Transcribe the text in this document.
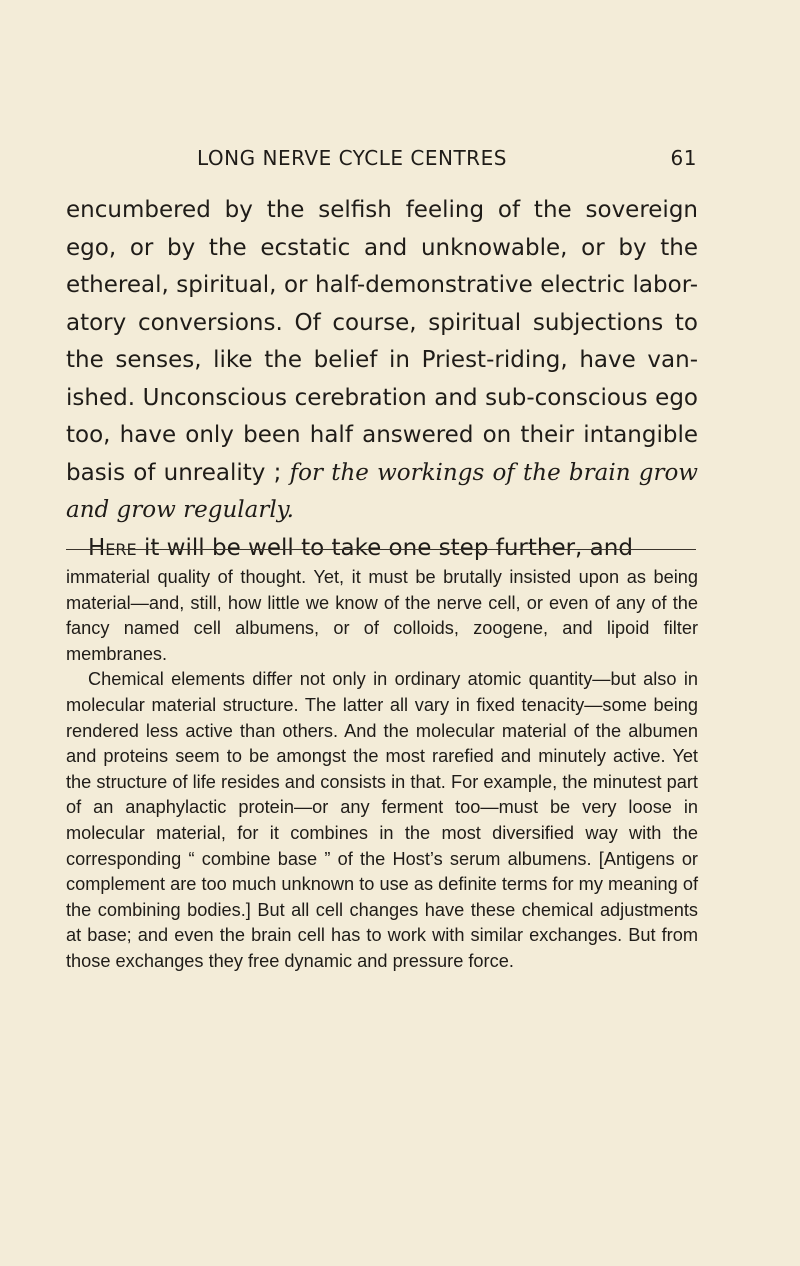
LONG NERVE CYCLE CENTRES	61

encumbered by the selfish feeling of the sovereign ego, or by the ecstatic and unknowable, or by the ethereal, spiritual, or half-demonstrative electric labor-atory conversions. Of course, spiritual subjections to the senses, like the belief in Priest-riding, have van-ished. Unconscious cerebration and sub-conscious ego too, have only been half answered on their intangible basis of unreality ; for the workings of the brain grow and grow regularly.

Here it will be well to take one step further, and

immaterial quality of thought. Yet, it must be brutally insisted upon as being material—and, still, how little we know of the nerve cell, or even of any of the fancy named cell albumens, or of colloids, zoogene, and lipoid filter membranes.

Chemical elements differ not only in ordinary atomic quantity—but also in molecular material structure. The latter all vary in fixed tenacity—some being rendered less active than others. And the molecular material of the albumen and proteins seem to be amongst the most rarefied and minutely active. Yet the structure of life resides and consists in that. For example, the minutest part of an anaphylactic protein—or any ferment too—must be very loose in molecular material, for it combines in the most diversified way with the corresponding “ combine base ” of the Host’s serum albumens. [Antigens or complement are too much unknown to use as definite terms for my meaning of the combining bodies.] But all cell changes have these chemical adjustments at base; and even the brain cell has to work with similar exchanges. But from those exchanges they free dynamic and pressure force.
